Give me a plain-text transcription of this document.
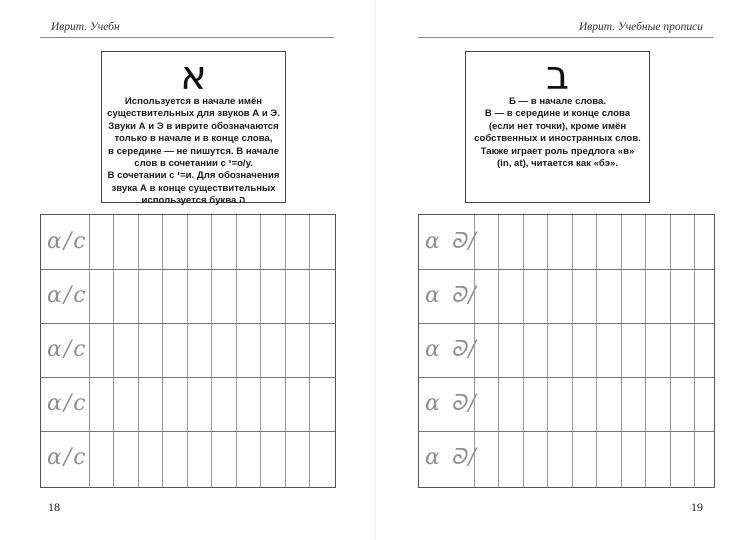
Иврит. Учебн
א
Используется в начале имён
существительных для звуков А и Э.
Звуки А и Э в иврите обозначаются
только в начале и в конце слова,
в середине — не пишутся. В начале
слов в сочетании с י=о/у.
В сочетании с י=и. Для обозначения
звука А в конце существительных
используется буква ה
ɑ/c
ɑ/c
ɑ/c
ɑ/c
ɑ/c
18
Иврит. Учебные прописи
ב
Б — в начале слова.
В — в середине и конце слова
(если нет точки), кроме имён
собственных и иностранных слов.
Также играет роль предлога «в»
(in, at), читается как «бэ».
ɑ ᘐ/
ɑ ᘐ/
ɑ ᘐ/
ɑ ᘐ/
ɑ ᘐ/
19
